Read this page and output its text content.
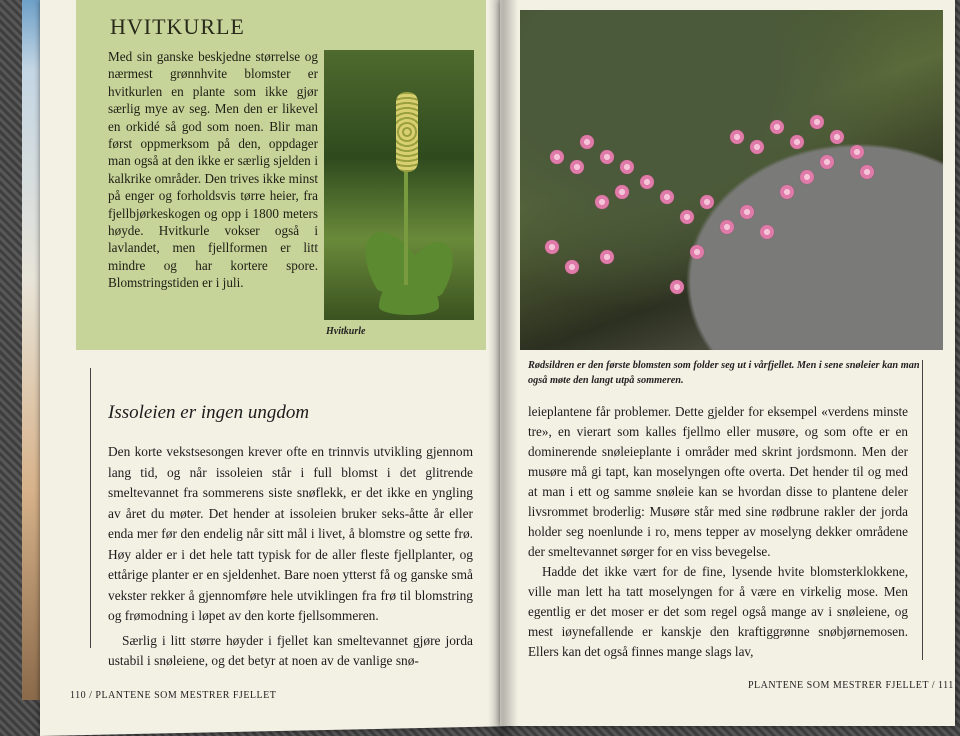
HVITKURLE
Med sin ganske beskjedne størrelse og nærmest grønnhvite blomster er hvitkurlen en plante som ikke gjør særlig mye av seg. Men den er likevel en orkidé så god som noen. Blir man først oppmerksom på den, oppdager man også at den ikke er særlig sjelden i kalkrike områder. Den trives ikke minst på enger og forholdsvis tørre heier, fra fjellbjørkeskogen og opp i 1800 meters høyde. Hvitkurle vokser også i lavlandet, men fjellformen er litt mindre og har kortere spore. Blomstringstiden er i juli.
Hvitkurle
Issoleien er ingen ungdom

Den korte vekstsesongen krever ofte en trinnvis utvikling gjennom lang tid, og når issoleien står i full blomst i det glitrende smeltevannet fra sommerens siste snøflekk, er det ikke en yngling av året du møter. Det hender at issoleien bruker seks-åtte år eller enda mer før den endelig når sitt mål i livet, å blomstre og sette frø. Høy alder er i det hele tatt typisk for de aller fleste fjellplanter, og ettårige planter er en sjeldenhet. Bare noen ytterst få og ganske små vekster rekker å gjennomføre hele utviklingen fra frø til blomstring og frømodning i løpet av den korte fjellsommeren.

Særlig i litt større høyder i fjellet kan smeltevannet gjøre jorda ustabil i snøleiene, og det betyr at noen av de vanlige snø-

110 / PLANTENE SOM MESTRER FJELLET
Rødsildren er den første blomsten som folder seg ut i vårfjellet. Men i sene snøleier kan man også møte den langt utpå sommeren.

leieplantene får problemer. Dette gjelder for eksempel «verdens minste tre», en vierart som kalles fjellmo eller musøre, og som ofte er en dominerende snøleieplante i områder med skrint jordsmonn. Men der musøre må gi tapt, kan moselyngen ofte overta. Det hender til og med at man i ett og samme snøleie kan se hvordan disse to plantene deler livsrommet broderlig: Musøre står med sine rødbrune rakler der jorda holder seg noenlunde i ro, mens tepper av moselyng dekker områdene der smeltevannet sørger for en viss bevegelse.

Hadde det ikke vært for de fine, lysende hvite blomsterklokkene, ville man lett ha tatt moselyngen for å være en virkelig mose. Men egentlig er det moser er det som regel også mange av i snøleiene, og mest iøynefallende er kanskje den kraftiggrønne snøbjørnemosen. Ellers kan det også finnes mange slags lav,

PLANTENE SOM MESTRER FJELLET / 111
